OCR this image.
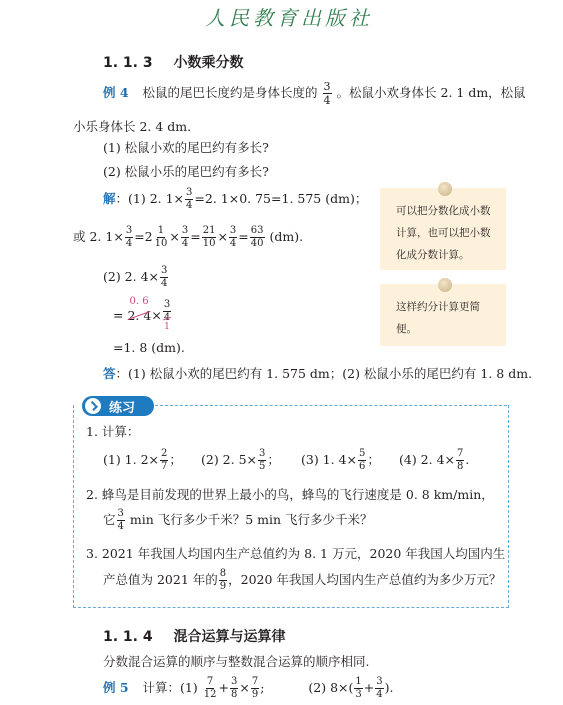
人民教育出版社
1. 1. 3 小数乘分数
例 4 松鼠的尾巴长度约是身体长度的 $\frac{3}{4}$ 。松鼠小欢身体长 2. 1 dm，松鼠
小乐身体长 2. 4 dm.
(1) 松鼠小欢的尾巴约有多长?
(2) 松鼠小乐的尾巴约有多长?
解：(1) 2. $1\times \frac{3}{4} =2$. 1×0. 75=1. 575 (dm)；
或 2. $1\times \frac{3}{4} =2 \frac{1}{10} \times \frac{3}{4} = \frac{21}{10} \times \frac{3}{4} = \frac{63}{40} (dm)$.
(2) 2. $4\times \frac{3}{4}$
=
0. 6
2. 4
×
3
4
1
=1. 8 (dm).
答：(1) 松鼠小欢的尾巴约有 1. 575 dm；(2) 松鼠小乐的尾巴约有 1. 8 dm.
可以把分数化成小数计算，也可以把小数化成分数计算。
这样约分计算更简便。
练习
1. 计算：
(1) 1. $2\times \frac{2}{7}$ ；	(2) 2. $5\times \frac{3}{5}$ ；	(3) 1. $4\times \frac{5}{6}$ ；	(4) 2. $4\times \frac{7}{8}$ .
2. 蜂鸟是目前发现的世界上最小的鸟，蜂鸟的飞行速度是 0. 8 km/min，
它 $\frac{3}{4}$ min 飞行多少千米？5 min 飞行多少千米？
3. 2021 年我国人均国内生产总值约为 8. 1 万元，2020 年我国人均国内生
产总值为 2021 年的 $\frac{8}{9}$ ，2020 年我国人均国内生产总值约为多少万元？
1. 1. 4 混合运算与运算律
分数混合运算的顺序与整数混合运算的顺序相同.
例 5 计算：$(1) \frac{7}{12} + \frac{3}{8} \times \frac{7}{9}$ ;	(2) $8\times( \frac{1}{3} + \frac{3}{4}$ ).
